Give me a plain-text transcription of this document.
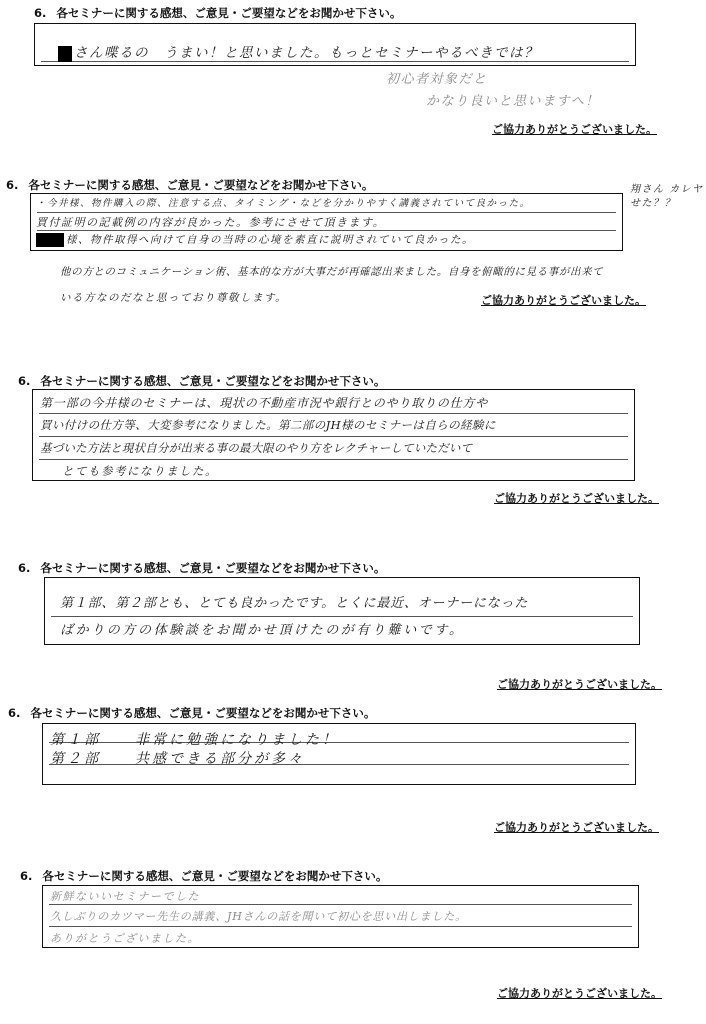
6. 各セミナーに関する感想、ご意見・ご要望などをお聞かせ下さい。
さん喋るの　うまい！と思いました。もっとセミナーやるべきでは？
初心者対象だと
かなり良いと思いますへ！
ご協力ありがとうございました。
6. 各セミナーに関する感想、ご意見・ご要望などをお聞かせ下さい。	翔さん カレヤせた？？
・今井様、物件購入の際、注意する点、タイミング・などを分かりやすく講義されていて良かった。
買付証明の記載例の内容が良かった。参考にさせて頂きます。
様、物件取得へ向けて自身の当時の心境を素直に説明されていて良かった。
他の方とのコミュニケーション術、基本的な方が大事だが再確認出来ました。自身を俯瞰的に見る事が出来て
いる方なのだなと思っており尊敬します。	ご協力ありがとうございました。
6. 各セミナーに関する感想、ご意見・ご要望などをお聞かせ下さい。
第一部の今井様のセミナーは、現状の不動産市況や銀行とのやり取りの仕方や
買い付けの仕方等、大変参考になりました。第二部のJH様のセミナーは自らの経験に
基づいた方法と現状自分が出来る事の最大限のやり方をレクチャーしていただいて
とても参考になりました。
ご協力ありがとうございました。
6. 各セミナーに関する感想、ご意見・ご要望などをお聞かせ下さい。
第１部、第２部とも、とても良かったです。とくに最近、オーナーになった
ばかりの方の体験談をお聞かせ頂けたのが有り難いです。
ご協力ありがとうございました。
6. 各セミナーに関する感想、ご意見・ご要望などをお聞かせ下さい。
第１部　　非常に勉強になりました！
第２部　　共感できる部分が多々
ご協力ありがとうございました。
6. 各セミナーに関する感想、ご意見・ご要望などをお聞かせ下さい。
新鮮ないいセミナーでした
久しぶりのカツマー先生の講義、JHさんの話を聞いて初心を思い出しました。
ありがとうございました。
ご協力ありがとうございました。
